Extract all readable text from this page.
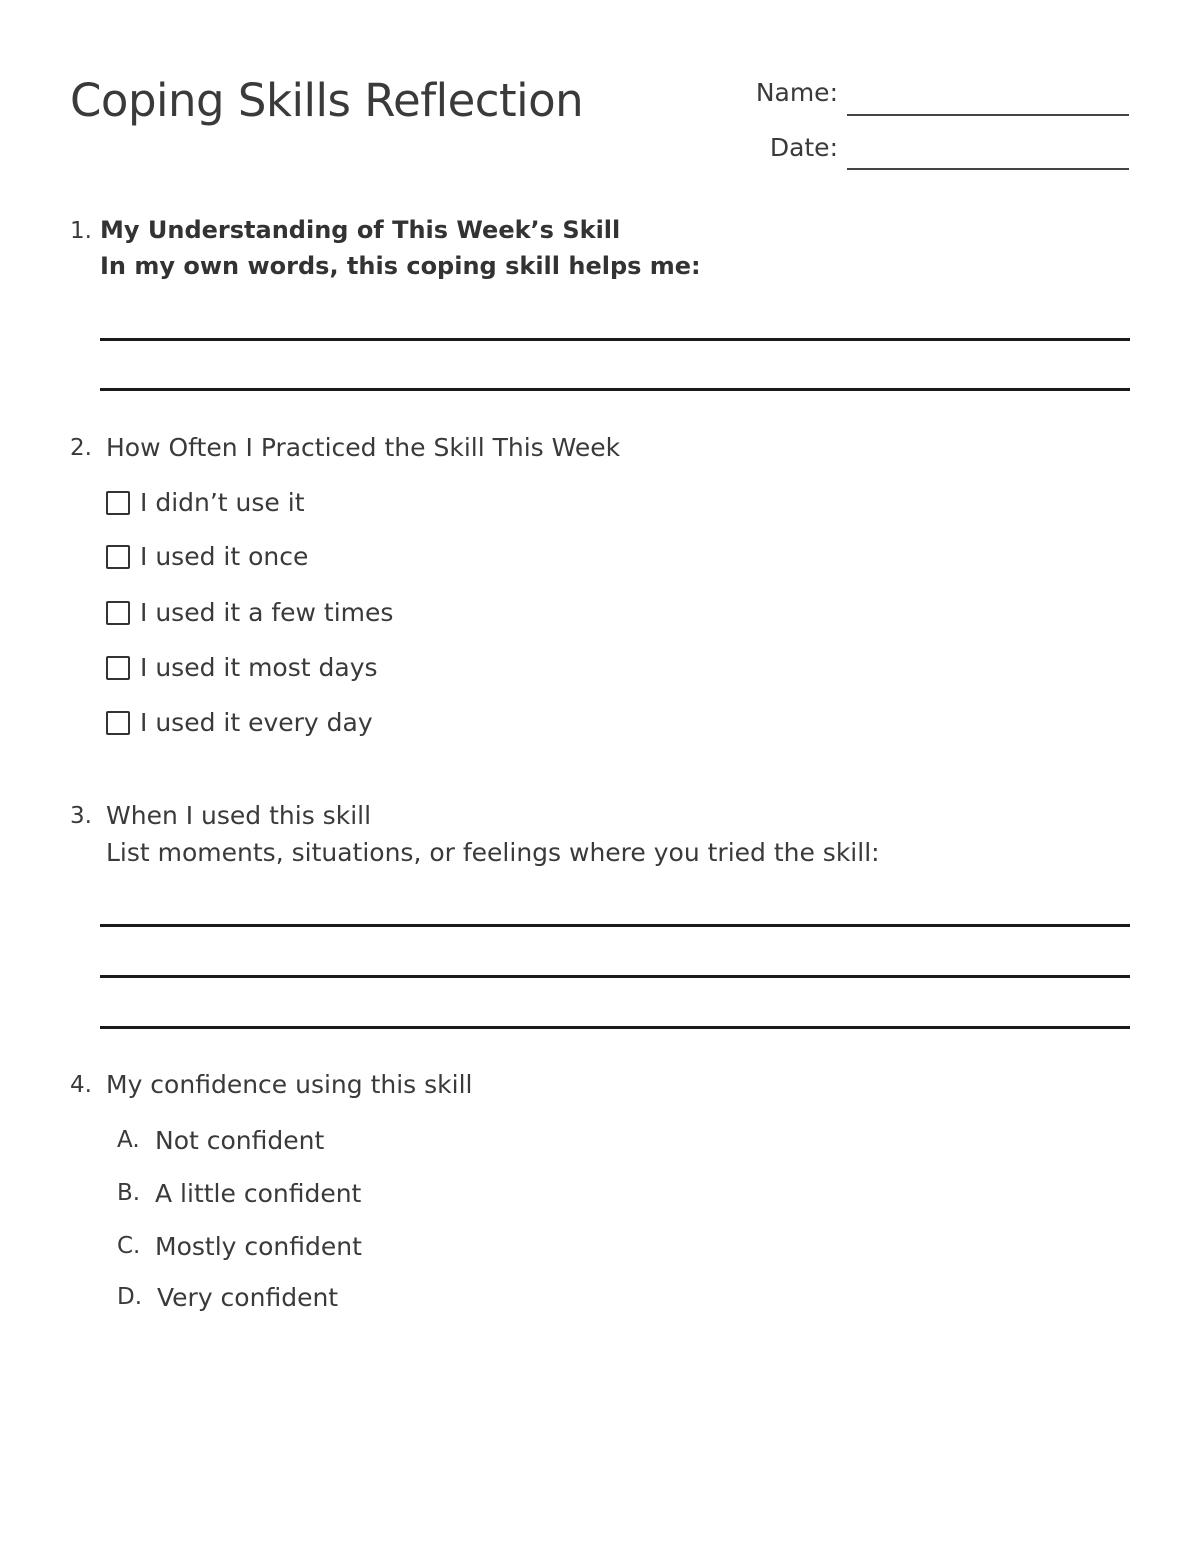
Coping Skills Reflection	Name:
Date:
1. My Understanding of This Week’s Skill
In my own words, this coping skill helps me:
2. How Often I Practiced the Skill This Week
I didn’t use it
I used it once
I used it a few times
I used it most days
I used it every day
3. When I used this skill
List moments, situations, or feelings where you tried the skill:
4. My confidence using this skill
A. Not confident
B. A little confident
C. Mostly confident
D. Very confident
